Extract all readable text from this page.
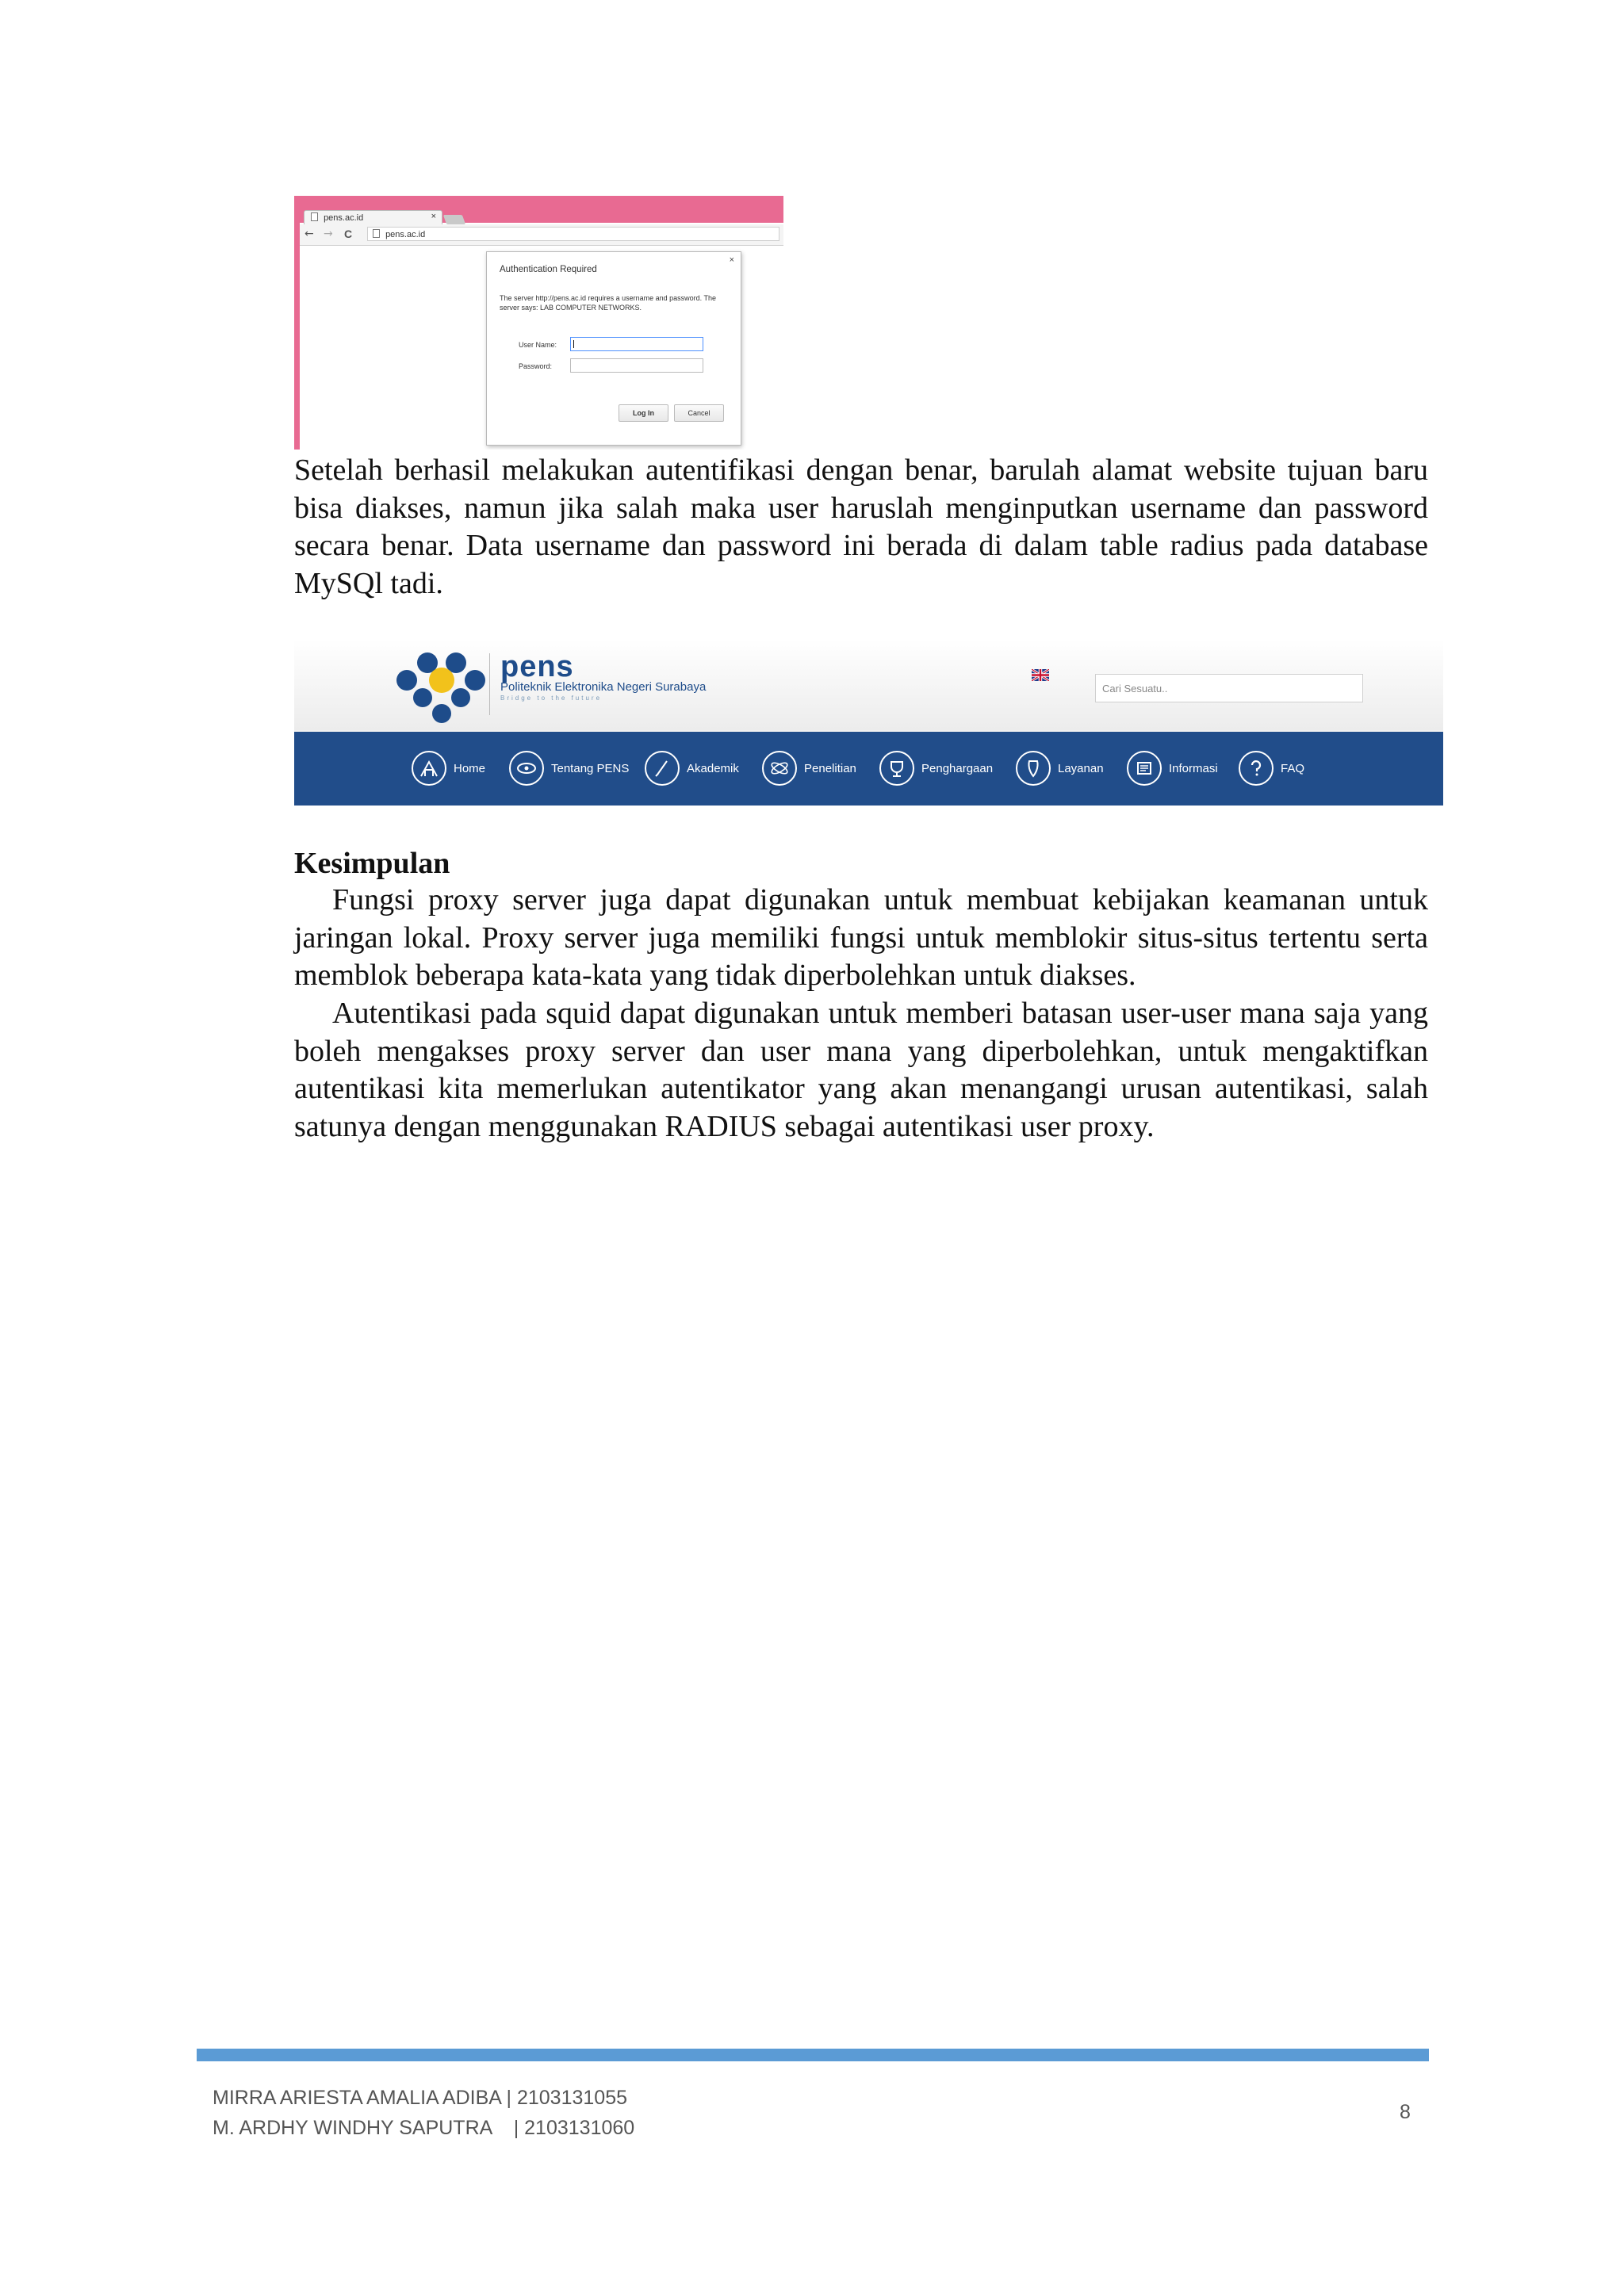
pens.ac.id	×
← → C	pens.ac.id
×
Authentication Required
The server http://pens.ac.id requires a username and password. The server says: LAB COMPUTER NETWORKS.
User Name:
Password:
Log In	Cancel

Setelah berhasil melakukan autentifikasi dengan benar, barulah alamat website tujuan baru bisa diakses, namun jika salah maka user haruslah menginputkan username dan password secara benar. Data username dan password ini berada di dalam table radius pada database MySQl tadi.

pens
Politeknik Elektronika Negeri Surabaya
Bridge to the future
Cari Sesuatu..
Home	Tentang PENS	Akademik	Penelitian	Penghargaan	Layanan	Informasi	FAQ
Kesimpulan

Fungsi proxy server juga dapat digunakan untuk membuat kebijakan keamanan untuk jaringan lokal. Proxy server juga memiliki fungsi untuk memblokir situs-situs tertentu serta memblok beberapa kata-kata yang tidak diperbolehkan untuk diakses.

Autentikasi pada squid dapat digunakan untuk memberi batasan user-user mana saja yang boleh mengakses proxy server dan user mana yang diperbolehkan, untuk mengaktifkan autentikasi kita memerlukan autentikator yang akan menangangi urusan autentikasi, salah satunya dengan menggunakan RADIUS sebagai autentikasi user proxy.

MIRRA ARIESTA AMALIA ADIBA | 2103131055
M. ARDHY WINDHY SAPUTRA    | 2103131060
8
